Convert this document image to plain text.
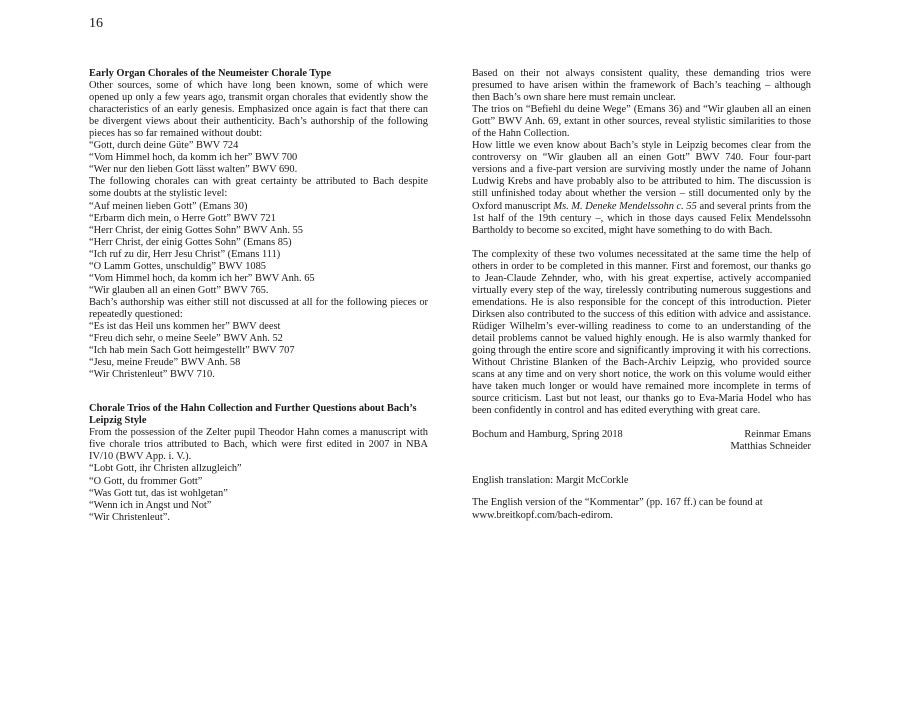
16

Early Organ Chorales of the Neumeister Chorale Type

Other sources, some of which have long been known, some of which were opened up only a few years ago, transmit organ chorales that evidently show the characteristics of an early genesis. Emphasized once again is fact that there can be divergent views about their authenticity. Bach’s authorship of the following pieces has so far remained without doubt:

“Gott, durch deine Güte” BWV 724

“Vom Himmel hoch, da komm ich her” BWV 700

“Wer nur den lieben Gott lässt walten” BWV 690.

The following chorales can with great certainty be attributed to Bach despite some doubts at the stylistic level:

“Auf meinen lieben Gott” (Emans 30)

“Erbarm dich mein, o Herre Gott” BWV 721

“Herr Christ, der einig Gottes Sohn” BWV Anh. 55

“Herr Christ, der einig Gottes Sohn” (Emans 85)

“Ich ruf zu dir, Herr Jesu Christ” (Emans 111)

“O Lamm Gottes, unschuldig” BWV 1085

“Vom Himmel hoch, da komm ich her” BWV Anh. 65

“Wir glauben all an einen Gott” BWV 765.

Bach’s authorship was either still not discussed at all for the following pieces or repeatedly questioned:

“Es ist das Heil uns kommen her” BWV deest

“Freu dich sehr, o meine Seele” BWV Anh. 52

“Ich hab mein Sach Gott heimgestellt” BWV 707

“Jesu, meine Freude” BWV Anh. 58

“Wir Christenleut” BWV 710.

Chorale Trios of the Hahn Collection and Further Questions about Bach’s Leipzig Style

From the possession of the Zelter pupil Theodor Hahn comes a manuscript with five chorale trios attributed to Bach, which were first edited in 2007 in NBA IV/10 (BWV App. i. V.).

“Lobt Gott, ihr Christen allzugleich”

“O Gott, du frommer Gott”

“Was Gott tut, das ist wohlgetan”

“Wenn ich in Angst und Not”

“Wir Christenleut”.

Based on their not always consistent quality, these demanding trios were presumed to have arisen within the framework of Bach’s teaching – although then Bach’s own share here must remain unclear.

The trios on “Befiehl du deine Wege” (Emans 36) and “Wir glauben all an einen Gott” BWV Anh. 69, extant in other sources, reveal stylistic similarities to those of the Hahn Collection.

How little we even know about Bach’s style in Leipzig becomes clear from the controversy on “Wir glauben all an einen Gott” BWV 740. Four four-part versions and a five-part version are surviving mostly under the name of Johann Ludwig Krebs and have probably also to be attributed to him. The discussion is still unfinished today about whether the version – still documented only by the Oxford manuscript Ms. M. Deneke Mendelssohn c. 55 and several prints from the 1st half of the 19th century –, which in those days caused Felix Mendelssohn Bartholdy to become so excited, might have something to do with Bach.

The complexity of these two volumes necessitated at the same time the help of others in order to be completed in this manner. First and foremost, our thanks go to Jean-Claude Zehnder, who, with his great expertise, actively accompanied virtually every step of the way, tirelessly contributing numerous suggestions and emendations. He is also responsible for the concept of this introduction. Pieter Dirksen also contributed to the success of this edition with advice and assistance. Rüdiger Wilhelm’s ever-willing readiness to come to an understanding of the detail problems cannot be valued highly enough. He is also warmly thanked for going through the entire score and significantly improving it with his corrections. Without Christine Blanken of the Bach-Archiv Leipzig, who provided source scans at any time and on very short notice, the work on this volume would either have taken much longer or would have remained more incomplete in terms of source criticism. Last but not least, our thanks go to Eva-Maria Hodel who has been confidently in control and has edited everything with great care.

Bochum and Hamburg, Spring 2018	Reinmar Emans
Matthias Schneider

English translation: Margit McCorkle

The English version of the “Kommentar” (pp. 167 ff.) can be found at
www.breitkopf.com/bach-edirom.
